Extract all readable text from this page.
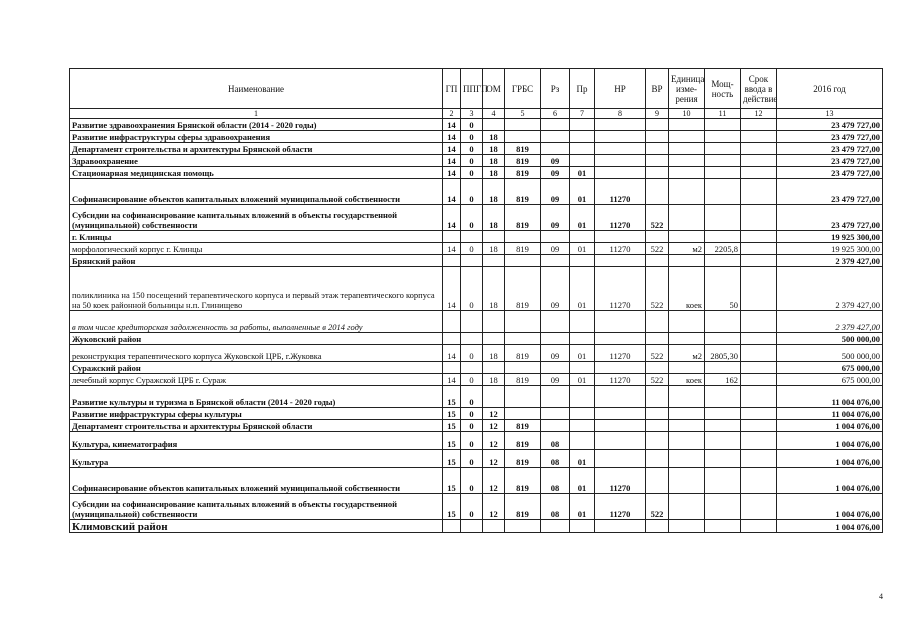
Наименование	ГП	ППГП	ОМ	ГРБС	Рз	Пр	НР	ВР	Единица изме-рения	Мощ-ность	Срок ввода в действие	2016 год
1	2	3	4	5	6	7	8	9	10	11	12	13
Развитие здравоохранения Брянской области (2014 - 2020 годы)	14	0										23 479 727,00
Развитие инфраструктуры сферы здравоохранения	14	0	18									23 479 727,00
Департамент строительства и архитектуры Брянской области	14	0	18	819								23 479 727,00
Здравоохранение	14	0	18	819	09							23 479 727,00
Стационарная медицинская помощь	14	0	18	819	09	01						23 479 727,00
Софинансирование объектов капитальных вложений муниципальной собственности	14	0	18	819	09	01	11270					23 479 727,00
Субсидии на софинансирование капитальных вложений в объекты государственной (муниципальной) собственности	14	0	18	819	09	01	11270	522				23 479 727,00
г. Клинцы												19 925 300,00
морфологический корпус г. Клинцы	14	0	18	819	09	01	11270	522	м2	2205,8		19 925 300,00
Брянский район												2 379 427,00
поликлиника на 150 посещений терапевтического корпуса и первый этаж терапевтического корпуса на 50 коек районной больницы н.п. Глинищево	14	0	18	819	09	01	11270	522	коек	50		2 379 427,00
в том числе кредиторская задолженность за работы, выполненные в 2014 году												2 379 427,00
Жуковский район												500 000,00
реконструкция терапевтического корпуса Жуковской ЦРБ, г.Жуковка	14	0	18	819	09	01	11270	522	м2	2805,30		500 000,00
Суражский район												675 000,00
лечебный корпус Суражской ЦРБ г. Сураж	14	0	18	819	09	01	11270	522	коек	162		675 000,00
Развитие культуры и туризма в Брянской области (2014 - 2020 годы)	15	0										11 004 076,00
Развитие инфраструктуры сферы культуры	15	0	12									11 004 076,00
Департамент строительства и архитектуры Брянской области	15	0	12	819								1 004 076,00
Культура, кинематография	15	0	12	819	08							1 004 076,00
Культура	15	0	12	819	08	01						1 004 076,00
Софинансирование объектов капитальных вложений муниципальной собственности	15	0	12	819	08	01	11270					1 004 076,00
Субсидии на софинансирование капитальных вложений в объекты государственной (муниципальной) собственности	15	0	12	819	08	01	11270	522				1 004 076,00
Климовский район												1 004 076,00
4
